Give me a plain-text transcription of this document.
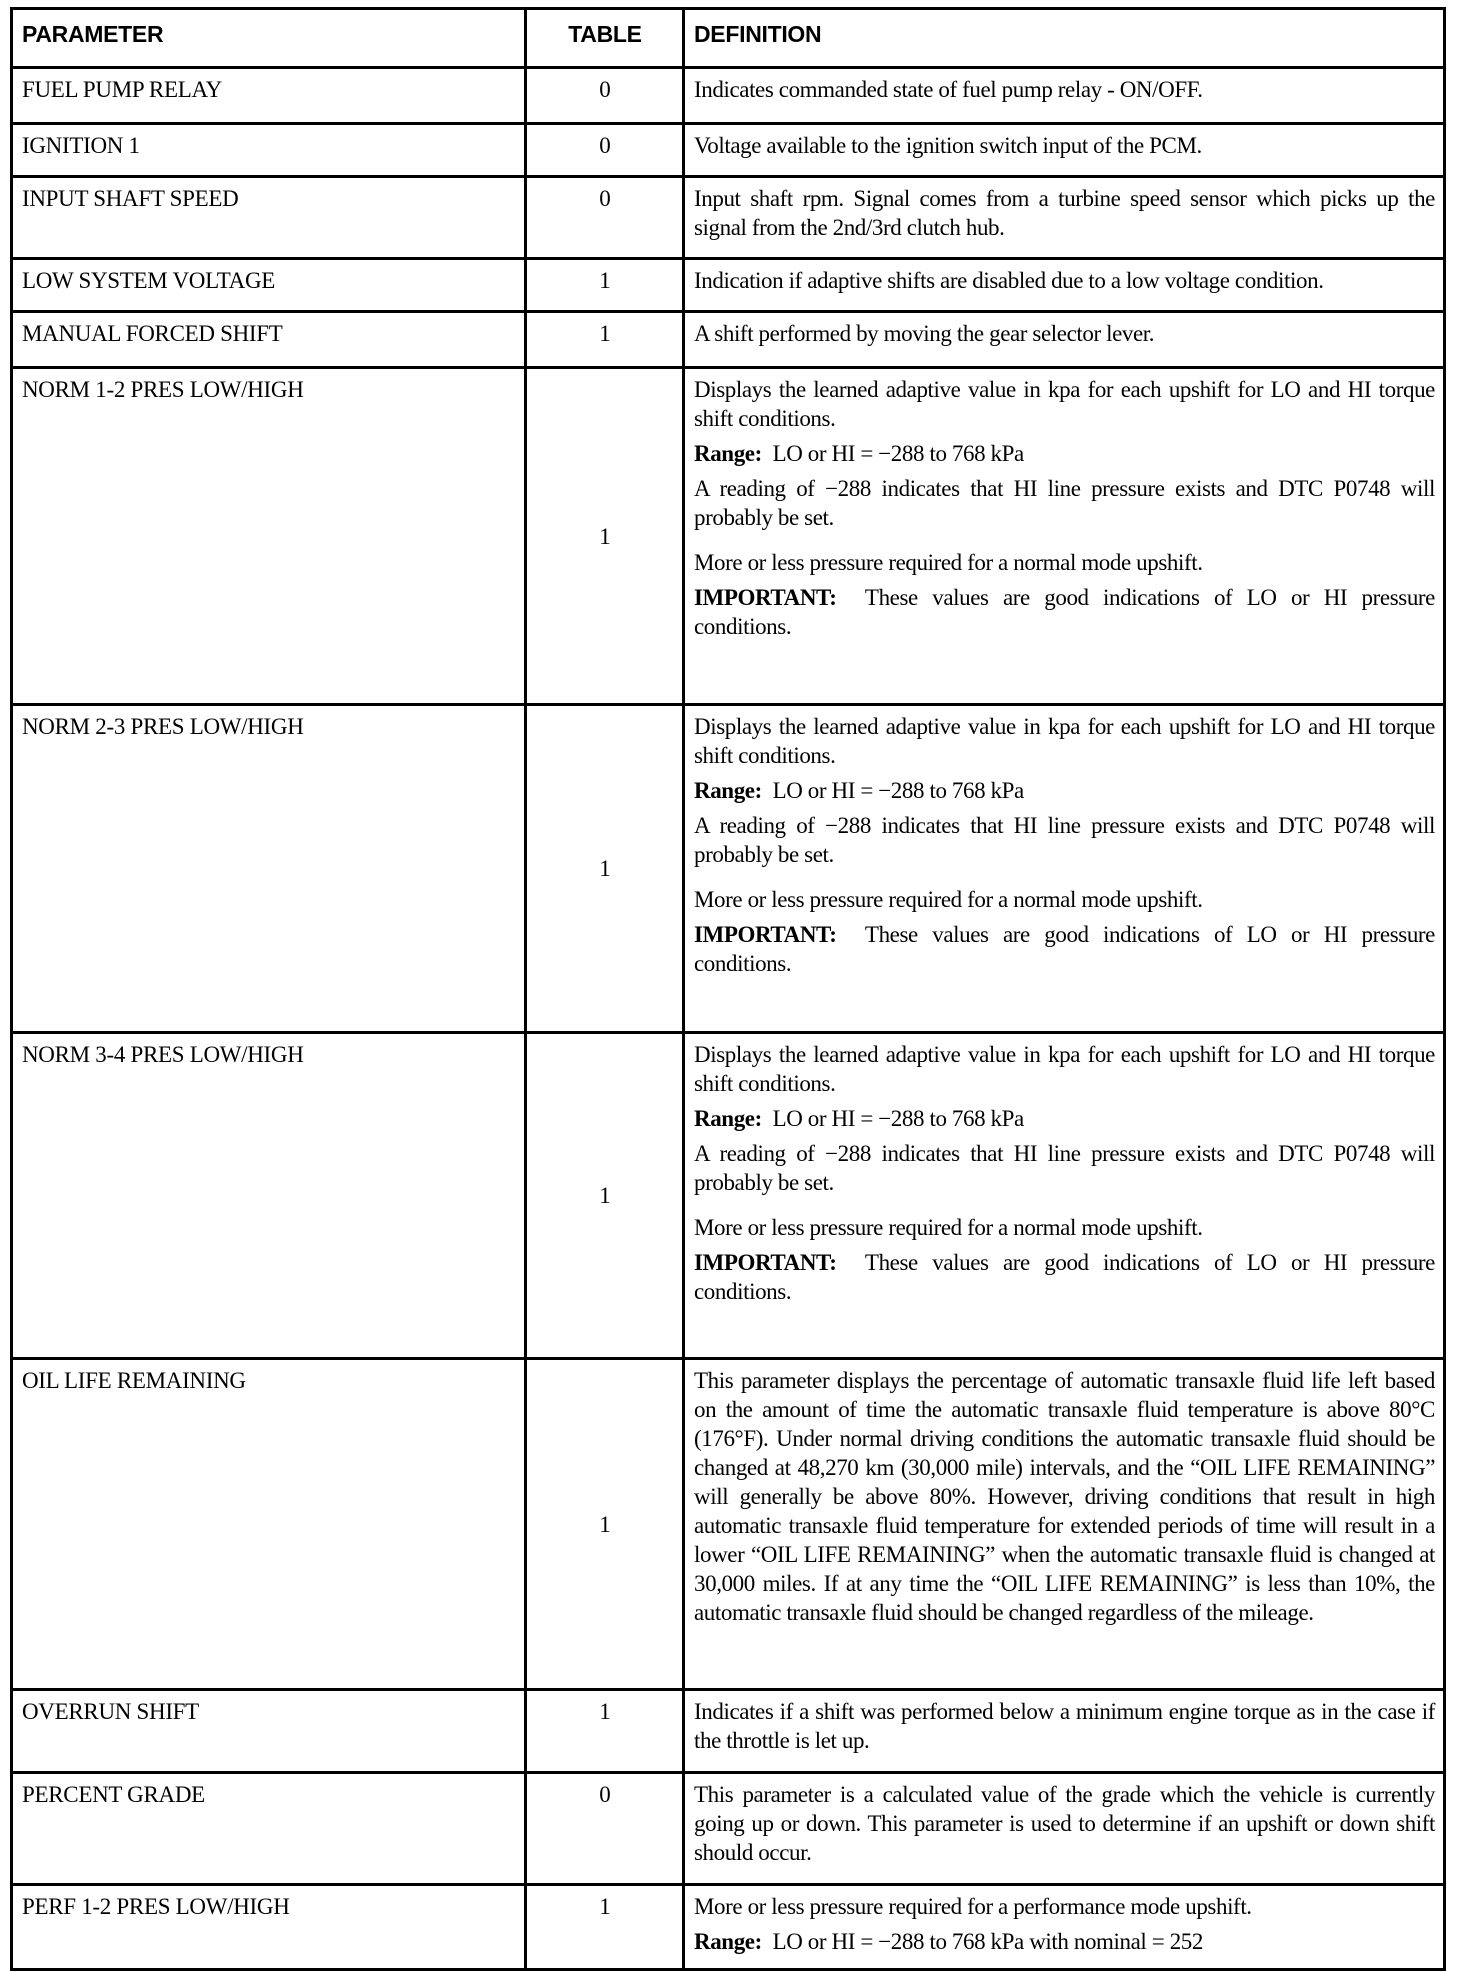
PARAMETER	TABLE	DEFINITION
FUEL PUMP RELAY	0	Indicates commanded state of fuel pump relay - ON/OFF.

IGNITION 1	0	Voltage available to the ignition switch input of the PCM.

INPUT SHAFT SPEED	0	Input shaft rpm. Signal comes from a turbine speed sensor which picks up the signal from the 2nd/3rd clutch hub.

LOW SYSTEM VOLTAGE	1	Indication if adaptive shifts are disabled due to a low voltage condition.

MANUAL FORCED SHIFT	1	A shift performed by moving the gear selector lever.

NORM 1-2 PRES LOW/HIGH	1	Displays the learned adaptive value in kpa for each upshift for LO and HI torque shift conditions.
Range: LO or HI = −288 to 768 kPa
A reading of −288 indicates that HI line pressure exists and DTC P0748 will probably be set.
More or less pressure required for a normal mode upshift.
IMPORTANT: These values are good indications of LO or HI pressure conditions.

NORM 2-3 PRES LOW/HIGH	1	Displays the learned adaptive value in kpa for each upshift for LO and HI torque shift conditions.
Range: LO or HI = −288 to 768 kPa
A reading of −288 indicates that HI line pressure exists and DTC P0748 will probably be set.
More or less pressure required for a normal mode upshift.
IMPORTANT: These values are good indications of LO or HI pressure conditions.

NORM 3-4 PRES LOW/HIGH	1	Displays the learned adaptive value in kpa for each upshift for LO and HI torque shift conditions.
Range: LO or HI = −288 to 768 kPa
A reading of −288 indicates that HI line pressure exists and DTC P0748 will probably be set.
More or less pressure required for a normal mode upshift.
IMPORTANT: These values are good indications of LO or HI pressure conditions.

OIL LIFE REMAINING	1	This parameter displays the percentage of automatic transaxle fluid life left based on the amount of time the automatic transaxle fluid temperature is above 80°C (176°F). Under normal driving conditions the automatic transaxle fluid should be changed at 48,270 km (30,000 mile) intervals, and the “OIL LIFE REMAINING” will generally be above 80%. However, driving conditions that result in high automatic transaxle fluid temperature for extended periods of time will result in a lower “OIL LIFE REMAINING” when the automatic transaxle fluid is changed at 30,000 miles. If at any time the “OIL LIFE REMAINING” is less than 10%, the automatic transaxle fluid should be changed regardless of the mileage.

OVERRUN SHIFT	1	Indicates if a shift was performed below a minimum engine torque as in the case if the throttle is let up.

PERCENT GRADE	0	This parameter is a calculated value of the grade which the vehicle is currently going up or down. This parameter is used to determine if an upshift or down shift should occur.

PERF 1-2 PRES LOW/HIGH	1	More or less pressure required for a performance mode upshift.
Range: LO or HI = −288 to 768 kPa with nominal = 252
